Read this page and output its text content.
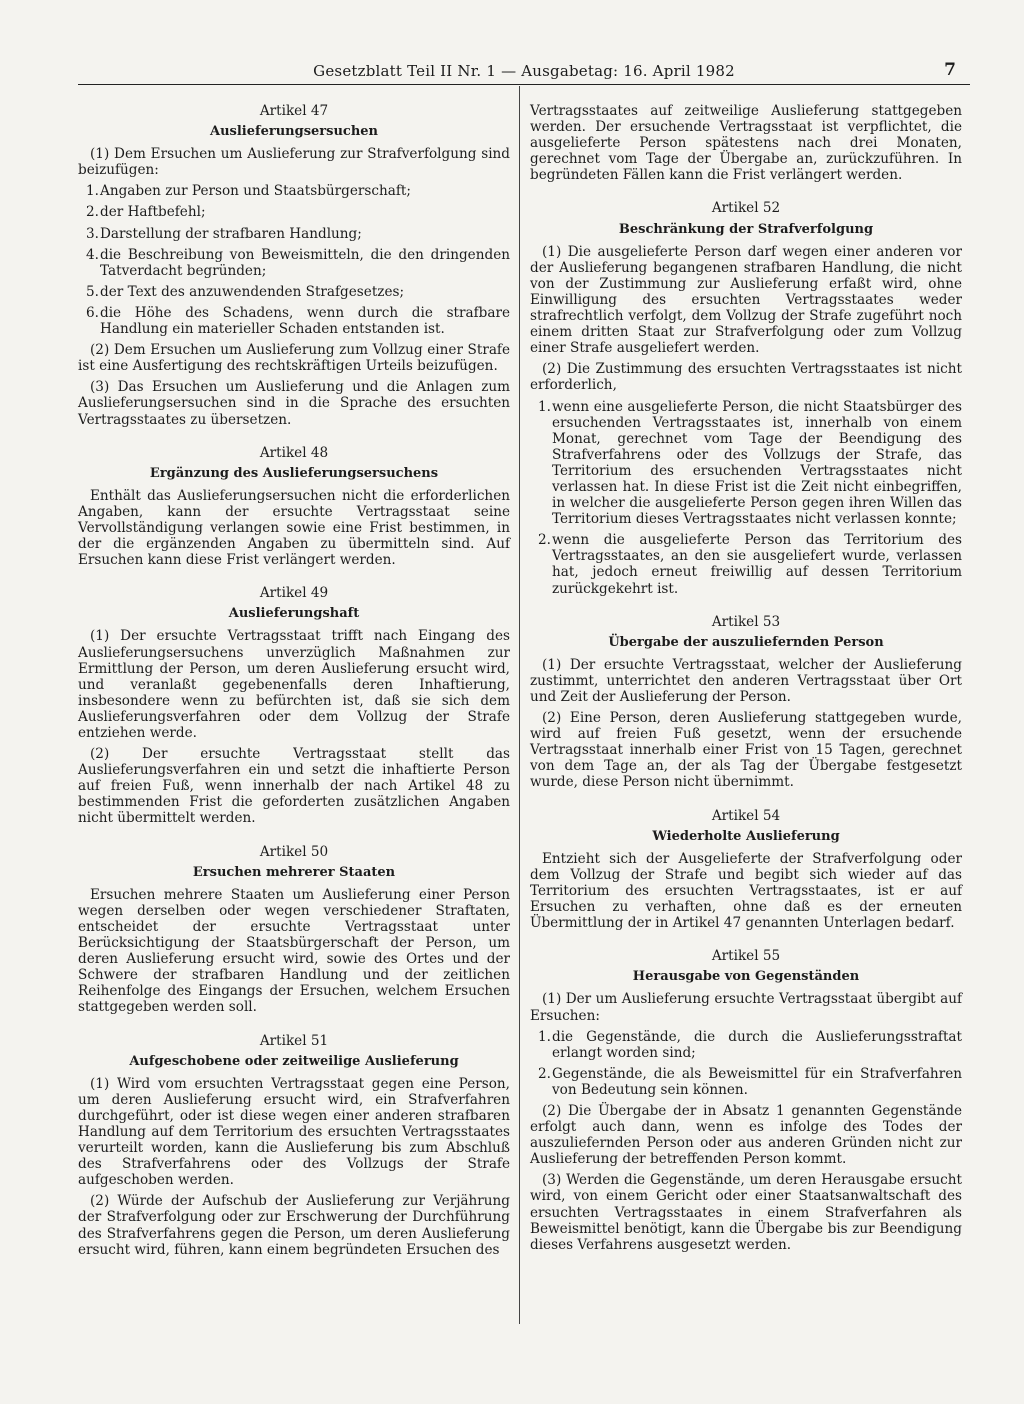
Gesetzblatt Teil II Nr. 1 — Ausgabetag: 16. April 1982	7
Artikel 47
Auslieferungsersuchen

(1) Dem Ersuchen um Auslieferung zur Strafverfolgung sind beizufügen:

1. Angaben zur Person und Staatsbürgerschaft;
2. der Haftbefehl;
3. Darstellung der strafbaren Handlung;
4. die Beschreibung von Beweismitteln, die den dringenden Tatverdacht begründen;
5. der Text des anzuwendenden Strafgesetzes;
6. die Höhe des Schadens, wenn durch die strafbare Handlung ein materieller Schaden entstanden ist.

(2) Dem Ersuchen um Auslieferung zum Vollzug einer Strafe ist eine Ausfertigung des rechtskräftigen Urteils beizufügen.

(3) Das Ersuchen um Auslieferung und die Anlagen zum Auslieferungsersuchen sind in die Sprache des ersuchten Vertragsstaates zu übersetzen.

Artikel 48
Ergänzung des Auslieferungsersuchens

Enthält das Auslieferungsersuchen nicht die erforderlichen Angaben, kann der ersuchte Vertragsstaat seine Vervollständigung verlangen sowie eine Frist bestimmen, in der die ergänzenden Angaben zu übermitteln sind. Auf Ersuchen kann diese Frist verlängert werden.

Artikel 49
Auslieferungshaft

(1) Der ersuchte Vertragsstaat trifft nach Eingang des Auslieferungsersuchens unverzüglich Maßnahmen zur Ermittlung der Person, um deren Auslieferung ersucht wird, und veranlaßt gegebenenfalls deren Inhaftierung, insbesondere wenn zu befürchten ist, daß sie sich dem Auslieferungsverfahren oder dem Vollzug der Strafe entziehen werde.

(2) Der ersuchte Vertragsstaat stellt das Auslieferungsverfahren ein und setzt die inhaftierte Person auf freien Fuß, wenn innerhalb der nach Artikel 48 zu bestimmenden Frist die geforderten zusätzlichen Angaben nicht übermittelt werden.

Artikel 50
Ersuchen mehrerer Staaten

Ersuchen mehrere Staaten um Auslieferung einer Person wegen derselben oder wegen verschiedener Straftaten, entscheidet der ersuchte Vertragsstaat unter Berücksichtigung der Staatsbürgerschaft der Person, um deren Auslieferung ersucht wird, sowie des Ortes und der Schwere der strafbaren Handlung und der zeitlichen Reihenfolge des Eingangs der Ersuchen, welchem Ersuchen stattgegeben werden soll.

Artikel 51
Aufgeschobene oder zeitweilige Auslieferung

(1) Wird vom ersuchten Vertragsstaat gegen eine Person, um deren Auslieferung ersucht wird, ein Strafverfahren durchgeführt, oder ist diese wegen einer anderen strafbaren Handlung auf dem Territorium des ersuchten Vertragsstaates verurteilt worden, kann die Auslieferung bis zum Abschluß des Strafverfahrens oder des Vollzugs der Strafe aufgeschoben werden.

(2) Würde der Aufschub der Auslieferung zur Verjährung der Strafverfolgung oder zur Erschwerung der Durchführung des Strafverfahrens gegen die Person, um deren Auslieferung ersucht wird, führen, kann einem begründeten Ersuchen des

Vertragsstaates auf zeitweilige Auslieferung stattgegeben werden. Der ersuchende Vertragsstaat ist verpflichtet, die ausgelieferte Person spätestens nach drei Monaten, gerechnet vom Tage der Übergabe an, zurückzuführen. In begründeten Fällen kann die Frist verlängert werden.

Artikel 52
Beschränkung der Strafverfolgung

(1) Die ausgelieferte Person darf wegen einer anderen vor der Auslieferung begangenen strafbaren Handlung, die nicht von der Zustimmung zur Auslieferung erfaßt wird, ohne Einwilligung des ersuchten Vertragsstaates weder strafrechtlich verfolgt, dem Vollzug der Strafe zugeführt noch einem dritten Staat zur Strafverfolgung oder zum Vollzug einer Strafe ausgeliefert werden.

(2) Die Zustimmung des ersuchten Vertragsstaates ist nicht erforderlich,

1. wenn eine ausgelieferte Person, die nicht Staatsbürger des ersuchenden Vertragsstaates ist, innerhalb von einem Monat, gerechnet vom Tage der Beendigung des Strafverfahrens oder des Vollzugs der Strafe, das Territorium des ersuchenden Vertragsstaates nicht verlassen hat. In diese Frist ist die Zeit nicht einbegriffen, in welcher die ausgelieferte Person gegen ihren Willen das Territorium dieses Vertragsstaates nicht verlassen konnte;
2. wenn die ausgelieferte Person das Territorium des Vertragsstaates, an den sie ausgeliefert wurde, verlassen hat, jedoch erneut freiwillig auf dessen Territorium zurückgekehrt ist.
Artikel 53
Übergabe der auszuliefernden Person

(1) Der ersuchte Vertragsstaat, welcher der Auslieferung zustimmt, unterrichtet den anderen Vertragsstaat über Ort und Zeit der Auslieferung der Person.

(2) Eine Person, deren Auslieferung stattgegeben wurde, wird auf freien Fuß gesetzt, wenn der ersuchende Vertragsstaat innerhalb einer Frist von 15 Tagen, gerechnet von dem Tage an, der als Tag der Übergabe festgesetzt wurde, diese Person nicht übernimmt.

Artikel 54
Wiederholte Auslieferung

Entzieht sich der Ausgelieferte der Strafverfolgung oder dem Vollzug der Strafe und begibt sich wieder auf das Territorium des ersuchten Vertragsstaates, ist er auf Ersuchen zu verhaften, ohne daß es der erneuten Übermittlung der in Artikel 47 genannten Unterlagen bedarf.

Artikel 55
Herausgabe von Gegenständen

(1) Der um Auslieferung ersuchte Vertragsstaat übergibt auf Ersuchen:

1. die Gegenstände, die durch die Auslieferungsstraftat erlangt worden sind;
2. Gegenstände, die als Beweismittel für ein Strafverfahren von Bedeutung sein können.

(2) Die Übergabe der in Absatz 1 genannten Gegenstände erfolgt auch dann, wenn es infolge des Todes der auszuliefernden Person oder aus anderen Gründen nicht zur Auslieferung der betreffenden Person kommt.

(3) Werden die Gegenstände, um deren Herausgabe ersucht wird, von einem Gericht oder einer Staatsanwaltschaft des ersuchten Vertragsstaates in einem Strafverfahren als Beweismittel benötigt, kann die Übergabe bis zur Beendigung dieses Verfahrens ausgesetzt werden.
